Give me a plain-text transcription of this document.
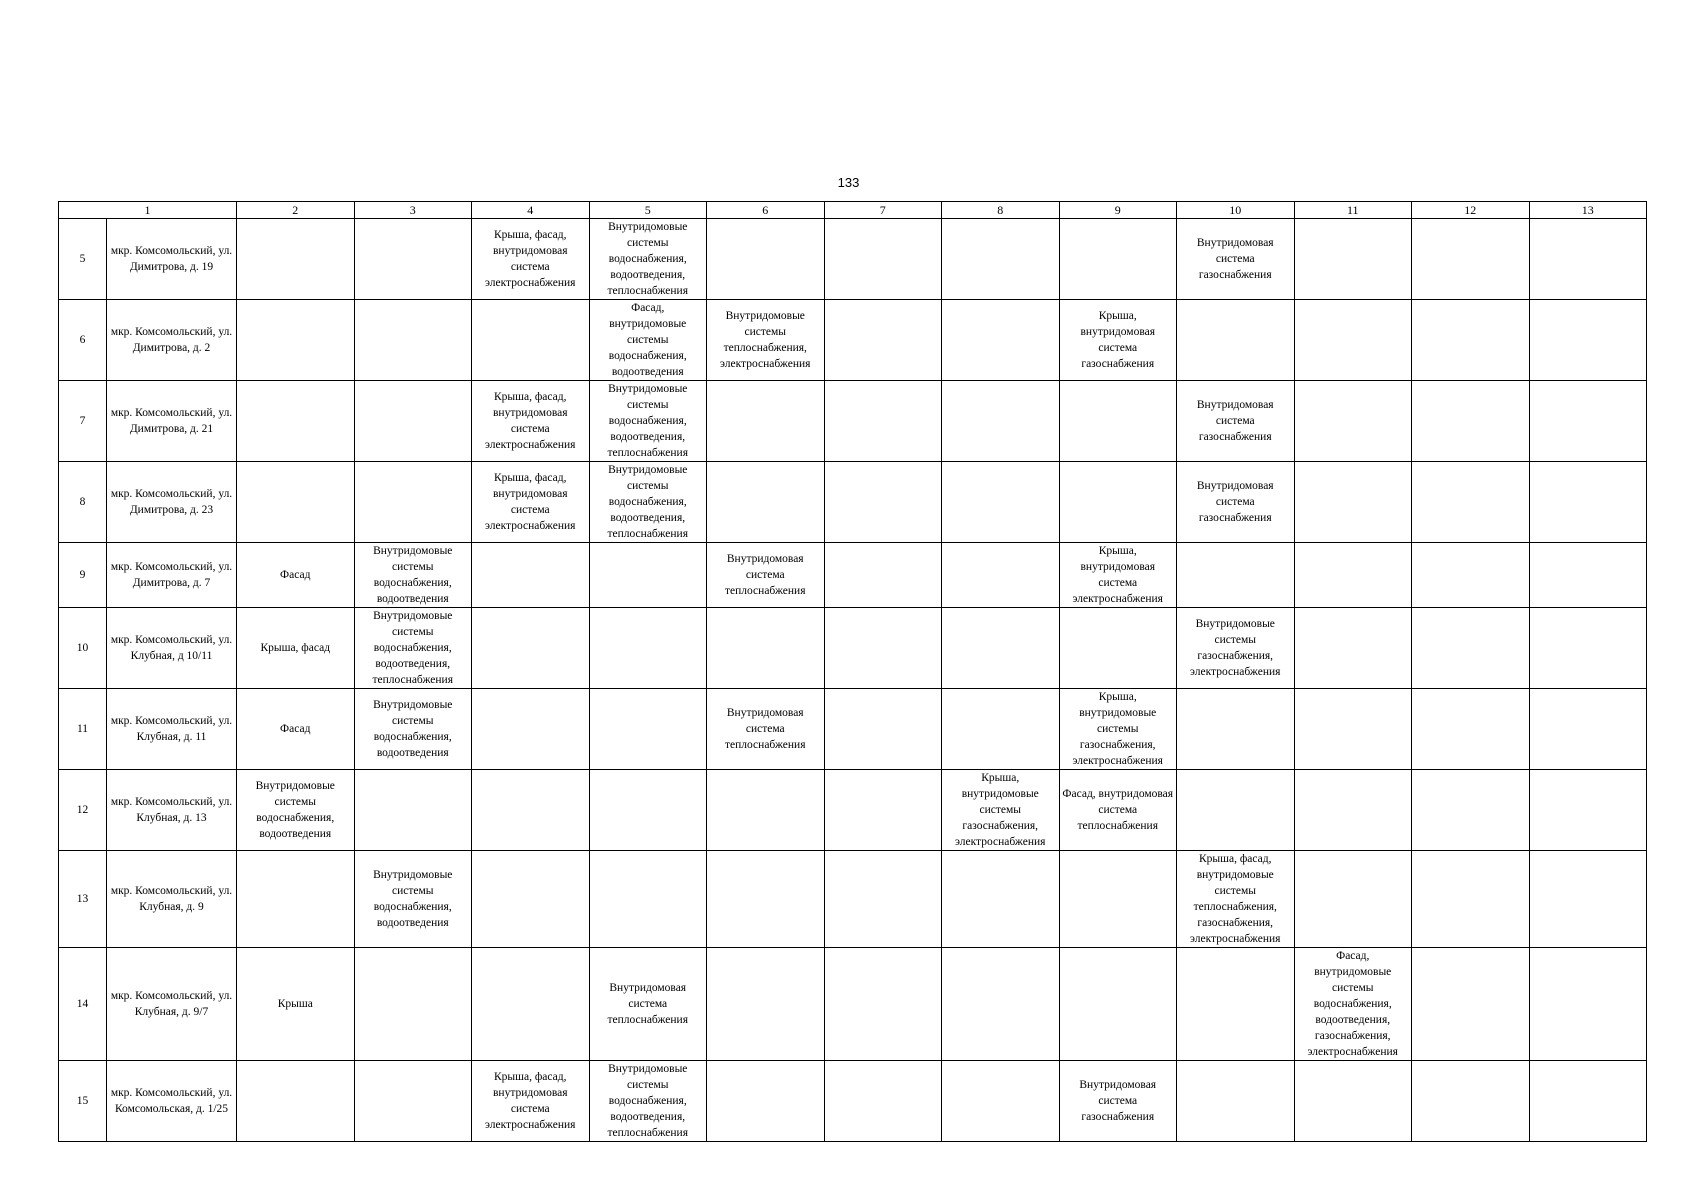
133
1		2	3	4	5	6	7	8	9	10	11	12	13
5	мкр. Комсомольский, ул. Димитрова, д. 19			Крыша, фасад, внутридомовая система электроснабжения	Внутридомовые системы водоснабжения, водоотведения, теплоснабжения					Внутридомовая система газоснабжения			
6	мкр. Комсомольский, ул. Димитрова, д. 2				Фасад, внутридомовые системы водоснабжения, водоотведения	Внутридомовые системы теплоснабжения, электроснабжения			Крыша, внутридомовая система газоснабжения				
7	мкр. Комсомольский, ул. Димитрова, д. 21			Крыша, фасад, внутридомовая система электроснабжения	Внутридомовые системы водоснабжения, водоотведения, теплоснабжения					Внутридомовая система газоснабжения			
8	мкр. Комсомольский, ул. Димитрова, д. 23			Крыша, фасад, внутридомовая система электроснабжения	Внутридомовые системы водоснабжения, водоотведения, теплоснабжения					Внутридомовая система газоснабжения			
9	мкр. Комсомольский, ул. Димитрова, д. 7	Фасад	Внутридомовые системы водоснабжения, водоотведения			Внутридомовая система теплоснабжения			Крыша, внутридомовая система электроснабжения				
10	мкр. Комсомольский, ул. Клубная, д 10/11	Крыша, фасад	Внутридомовые системы водоснабжения, водоотведения, теплоснабжения							Внутридомовые системы газоснабжения, электроснабжения			
11	мкр. Комсомольский, ул. Клубная, д. 11	Фасад	Внутридомовые системы водоснабжения, водоотведения			Внутридомовая система теплоснабжения			Крыша, внутридомовые системы газоснабжения, электроснабжения				
12	мкр. Комсомольский, ул. Клубная, д. 13	Внутридомовые системы водоснабжения, водоотведения						Крыша, внутридомовые системы газоснабжения, электроснабжения	Фасад, внутридомовая система теплоснабжения				
13	мкр. Комсомольский, ул. Клубная, д. 9		Внутридомовые системы водоснабжения, водоотведения							Крыша, фасад, внутридомовые системы теплоснабжения, газоснабжения, электроснабжения			
14	мкр. Комсомольский, ул. Клубная, д. 9/7	Крыша			Внутридомовая система теплоснабжения						Фасад, внутридомовые системы водоснабжения, водоотведения, газоснабжения, электроснабжения		
15	мкр. Комсомольский, ул. Комсомольская, д. 1/25			Крыша, фасад, внутридомовая система электроснабжения	Внутридомовые системы водоснабжения, водоотведения, теплоснабжения				Внутридомовая система газоснабжения				
